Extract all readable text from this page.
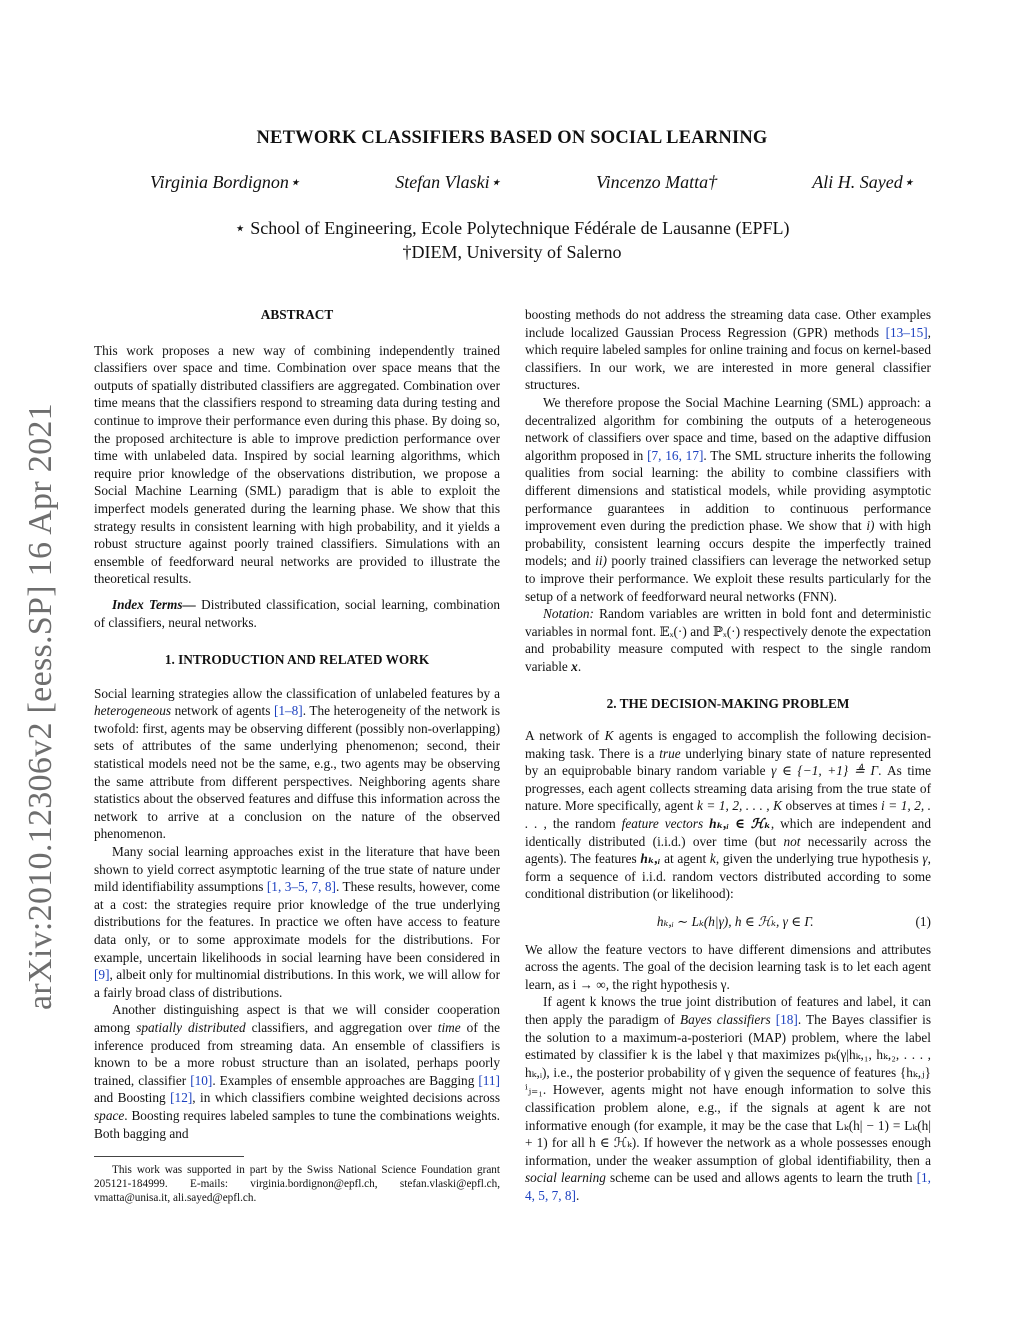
arXiv:2010.12306v2 [eess.SP] 16 Apr 2021
NETWORK CLASSIFIERS BASED ON SOCIAL LEARNING
Virginia Bordignon⋆	Stefan Vlaski⋆	Vincenzo Matta†	Ali H. Sayed⋆
⋆ School of Engineering, Ecole Polytechnique Fédérale de Lausanne (EPFL)
†DIEM, University of Salerno
ABSTRACT

This work proposes a new way of combining independently trained classifiers over space and time. Combination over space means that the outputs of spatially distributed classifiers are aggregated. Combination over time means that the classifiers respond to streaming data during testing and continue to improve their performance even during this phase. By doing so, the proposed architecture is able to improve prediction performance over time with unlabeled data. Inspired by social learning algorithms, which require prior knowledge of the observations distribution, we propose a Social Machine Learning (SML) paradigm that is able to exploit the imperfect models generated during the learning phase. We show that this strategy results in consistent learning with high probability, and it yields a robust structure against poorly trained classifiers. Simulations with an ensemble of feedforward neural networks are provided to illustrate the theoretical results.

Index Terms— Distributed classification, social learning, combination of classifiers, neural networks.

1. INTRODUCTION AND RELATED WORK

Social learning strategies allow the classification of unlabeled features by a heterogeneous network of agents [1–8]. The heterogeneity of the network is twofold: first, agents may be observing different (possibly non-overlapping) sets of attributes of the same underlying phenomenon; second, their statistical models need not be the same, e.g., two agents may be observing the same attribute from different perspectives. Neighboring agents share statistics about the observed features and diffuse this information across the network to arrive at a conclusion on the nature of the observed phenomenon.

Many social learning approaches exist in the literature that have been shown to yield correct asymptotic learning of the true state of nature under mild identifiability assumptions [1, 3–5, 7, 8]. These results, however, come at a cost: the strategies require prior knowledge of the true underlying distributions for the features. In practice we often have access to feature data only, or to some approximate models for the distributions. For example, uncertain likelihoods in social learning have been considered in [9], albeit only for multinomial distributions. In this work, we will allow for a fairly broad class of distributions.

Another distinguishing aspect is that we will consider cooperation among spatially distributed classifiers, and aggregation over time of the inference produced from streaming data. An ensemble of classifiers is known to be a more robust structure than an isolated, perhaps poorly trained, classifier [10]. Examples of ensemble approaches are Bagging [11] and Boosting [12], in which classifiers combine weighted decisions across space. Boosting requires labeled samples to tune the combinations weights. Both bagging and

This work was supported in part by the Swiss National Science Foundation grant 205121-184999. E-mails: virginia.bordignon@epfl.ch, stefan.vlaski@epfl.ch, vmatta@unisa.it, ali.sayed@epfl.ch.

boosting methods do not address the streaming data case. Other examples include localized Gaussian Process Regression (GPR) methods [13–15], which require labeled samples for online training and focus on kernel-based classifiers. In our work, we are interested in more general classifier structures.

We therefore propose the Social Machine Learning (SML) approach: a decentralized algorithm for combining the outputs of a heterogeneous network of classifiers over space and time, based on the adaptive diffusion algorithm proposed in [7, 16, 17]. The SML structure inherits the following qualities from social learning: the ability to combine classifiers with different dimensions and statistical models, while providing asymptotic performance guarantees in addition to continuous performance improvement even during the prediction phase. We show that i) with high probability, consistent learning occurs despite the imperfectly trained models; and ii) poorly trained classifiers can leverage the networked setup to improve their performance. We exploit these results particularly for the setup of a network of feedforward neural networks (FNN).

Notation: Random variables are written in bold font and deterministic variables in normal font. 𝔼ₓ(·) and ℙₓ(·) respectively denote the expectation and probability measure computed with respect to the single random variable x.

2. THE DECISION-MAKING PROBLEM

A network of K agents is engaged to accomplish the following decision-making task. There is a true underlying binary state of nature represented by an equiprobable binary random variable γ ∈ {−1, +1} ≜ Γ. As time progresses, each agent collects streaming data arising from the true state of nature. More specifically, agent k = 1, 2, . . . , K observes at times i = 1, 2, . . . , the random feature vectors hₖ,ᵢ ∈ ℋₖ, which are independent and identically distributed (i.i.d.) over time (but not necessarily across the agents). The features hₖ,ᵢ at agent k, given the underlying true hypothesis γ, form a sequence of i.i.d. random vectors distributed according to some conditional distribution (or likelihood):

hₖ,ᵢ ∼ Lₖ(h|γ), h ∈ ℋₖ, γ ∈ Γ.	(1)

We allow the feature vectors to have different dimensions and attributes across the agents. The goal of the decision learning task is to let each agent learn, as i → ∞, the right hypothesis γ.

If agent k knows the true joint distribution of features and label, it can then apply the paradigm of Bayes classifiers [18]. The Bayes classifier is the solution to a maximum-a-posteriori (MAP) problem, where the label estimated by classifier k is the label γ that maximizes pₖ(γ|hₖ,₁, hₖ,₂, . . . , hₖ,ᵢ), i.e., the posterior probability of γ given the sequence of features {hₖ,ⱼ}ⁱⱼ₌₁. However, agents might not have enough information to solve this classification problem alone, e.g., if the signals at agent k are not informative enough (for example, it may be the case that Lₖ(h| − 1) = Lₖ(h| + 1) for all h ∈ ℋₖ). If however the network as a whole possesses enough information, under the weaker assumption of global identifiability, then a social learning scheme can be used and allows agents to learn the truth [1, 4, 5, 7, 8].
